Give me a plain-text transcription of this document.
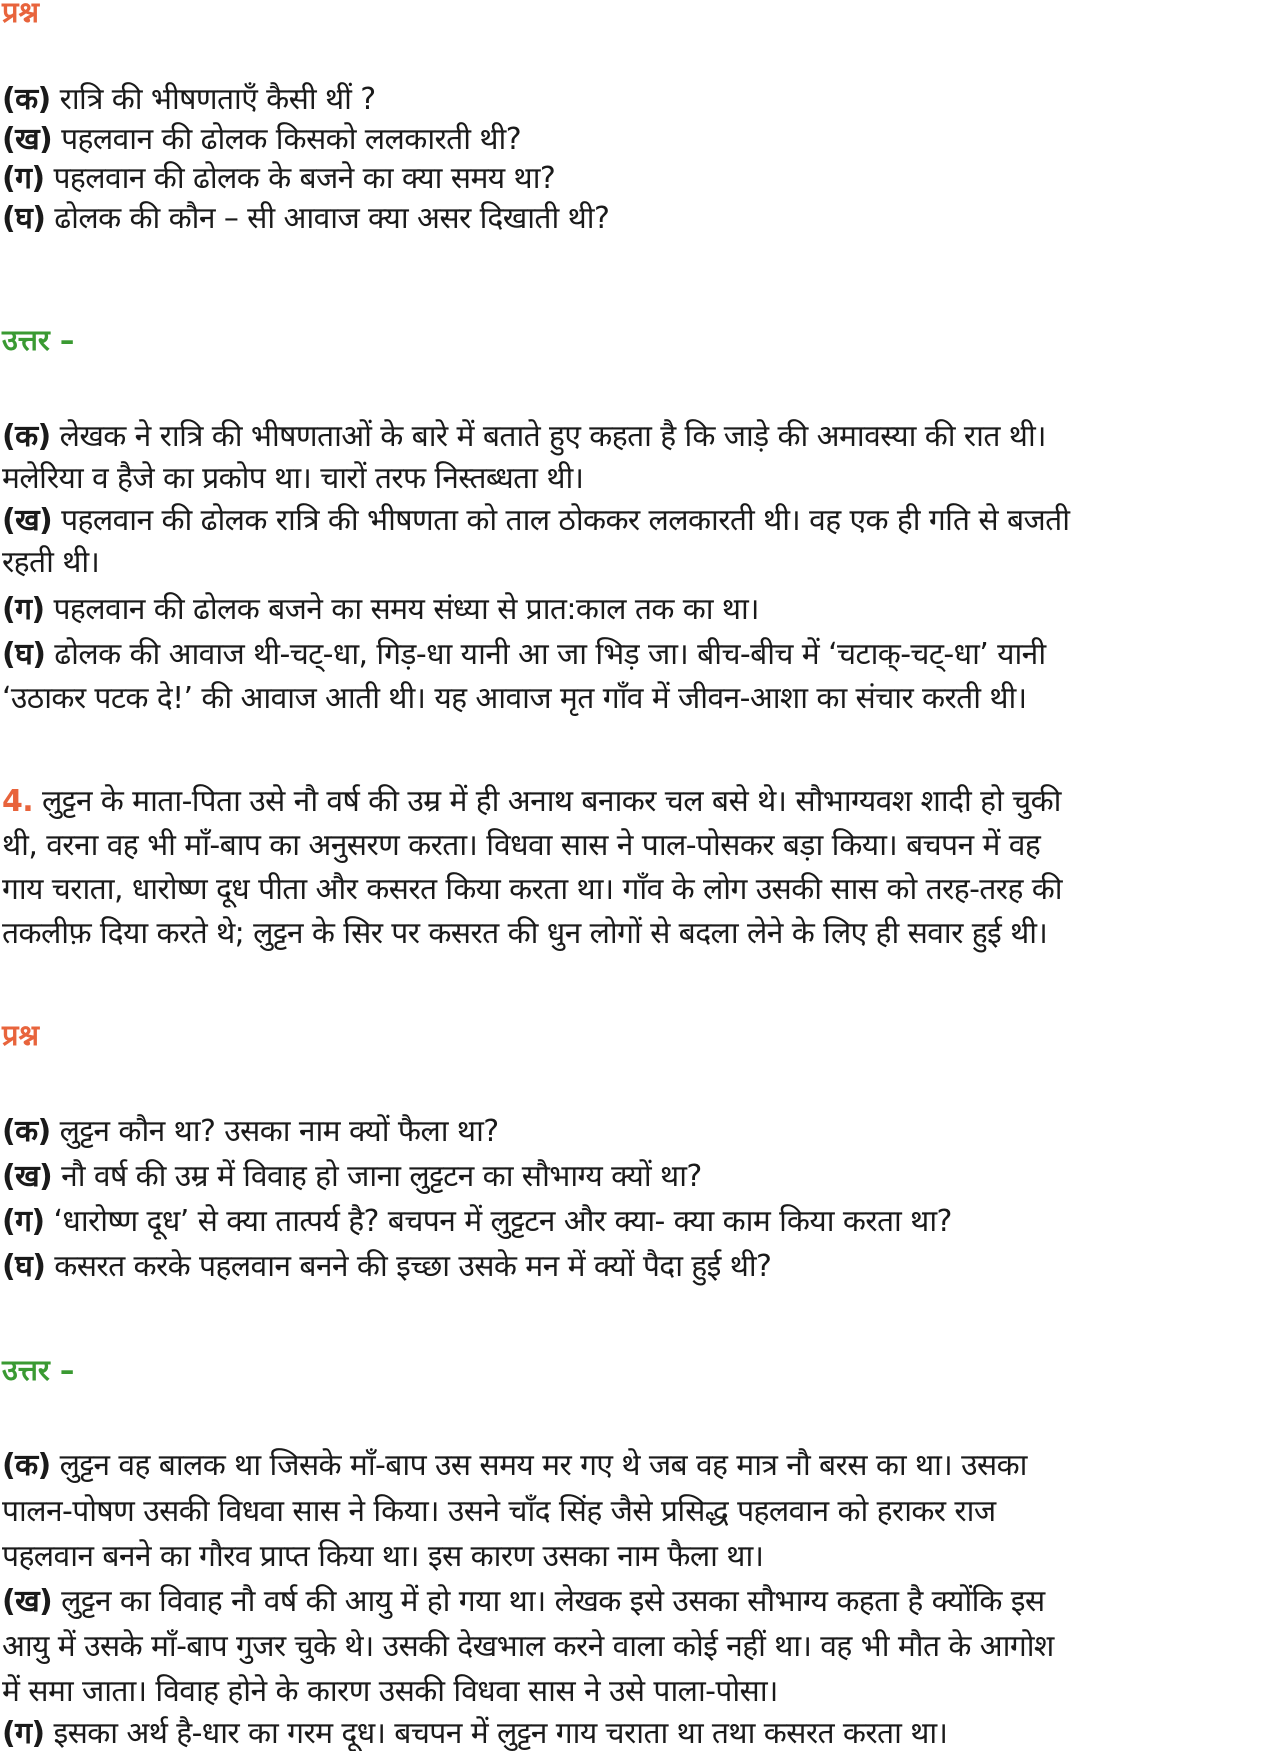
प्रश्न
(क) रात्रि की भीषणताएँ कैसी थीं ?
(ख) पहलवान की ढोलक किसको ललकारती थी?
(ग) पहलवान की ढोलक के बजने का क्या समय था?
(घ) ढोलक की कौन – सी आवाज क्या असर दिखाती थी?
उत्तर –
(क) लेखक ने रात्रि की भीषणताओं के बारे में बताते हुए कहता है कि जाड़े की अमावस्या की रात थी।
मलेरिया व हैजे का प्रकोप था। चारों तरफ निस्तब्धता थी।
(ख) पहलवान की ढोलक रात्रि की भीषणता को ताल ठोककर ललकारती थी। वह एक ही गति से बजती
रहती थी।
(ग) पहलवान की ढोलक बजने का समय संध्या से प्रात:काल तक का था।
(घ) ढोलक की आवाज थी-चट्-धा, गिड़-धा यानी आ जा भिड़ जा। बीच-बीच में ‘चटाक्-चट्-धा’ यानी
‘उठाकर पटक दे!’ की आवाज आती थी। यह आवाज मृत गाँव में जीवन-आशा का संचार करती थी।
4. लुट्टन के माता-पिता उसे नौ वर्ष की उम्र में ही अनाथ बनाकर चल बसे थे। सौभाग्यवश शादी हो चुकी
थी, वरना वह भी माँ-बाप का अनुसरण करता। विधवा सास ने पाल-पोसकर बड़ा किया। बचपन में वह
गाय चराता, धारोष्ण दूध पीता और कसरत किया करता था। गाँव के लोग उसकी सास को तरह-तरह की
तकलीफ़ दिया करते थे; लुट्टन के सिर पर कसरत की धुन लोगों से बदला लेने के लिए ही सवार हुई थी।
प्रश्न
(क) लुट्टन कौन था? उसका नाम क्यों फैला था?
(ख) नौ वर्ष की उम्र में विवाह हो जाना लुट्टटन का सौभाग्य क्यों था?
(ग) ‘धारोष्ण दूध’ से क्या तात्पर्य है? बचपन में लुट्टटन और क्या- क्या काम किया करता था?
(घ) कसरत करके पहलवान बनने की इच्छा उसके मन में क्यों पैदा हुई थी?
उत्तर –
(क) लुट्टन वह बालक था जिसके माँ-बाप उस समय मर गए थे जब वह मात्र नौ बरस का था। उसका
पालन-पोषण उसकी विधवा सास ने किया। उसने चाँद सिंह जैसे प्रसिद्ध पहलवान को हराकर राज
पहलवान बनने का गौरव प्राप्त किया था। इस कारण उसका नाम फैला था।
(ख) लुट्टन का विवाह नौ वर्ष की आयु में हो गया था। लेखक इसे उसका सौभाग्य कहता है क्योंकि इस
आयु में उसके माँ-बाप गुजर चुके थे। उसकी देखभाल करने वाला कोई नहीं था। वह भी मौत के आगोश
में समा जाता। विवाह होने के कारण उसकी विधवा सास ने उसे पाला-पोसा।
(ग) इसका अर्थ है-धार का गरम दूध। बचपन में लुट्टन गाय चराता था तथा कसरत करता था।
